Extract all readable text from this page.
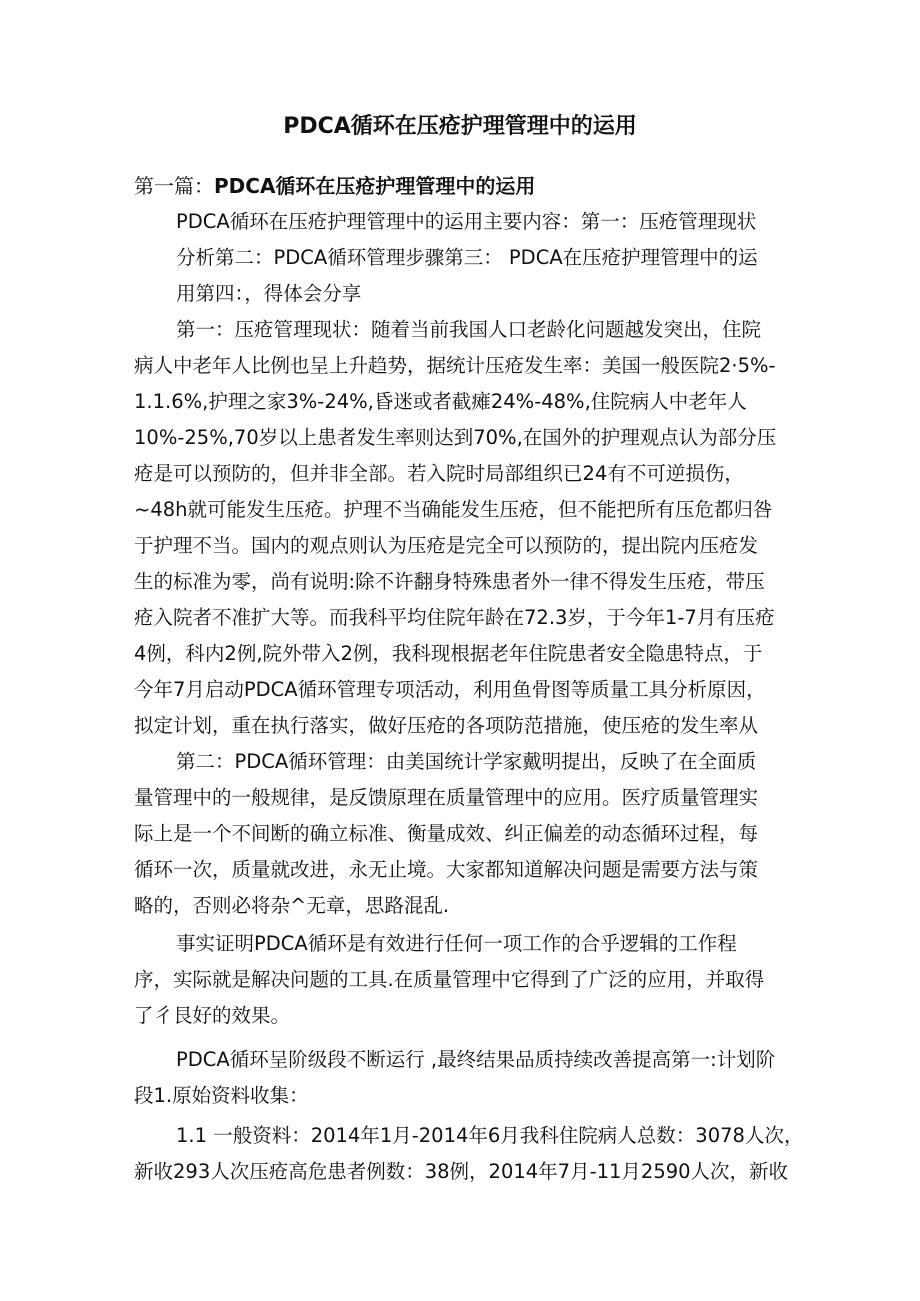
PDCA循环在压疮护理管理中的运用

第一篇：PDCA循环在压疮护理管理中的运用

PDCA循环在压疮护理管理中的运用主要内容：第一：压疮管理现状

分析第二：PDCA循环管理步骤第三： PDCA在压疮护理管理中的运

用第四：，得体会分享

第一：压疮管理现状：随着当前我国人口老龄化问题越发突出，住院

病人中老年人比例也呈上升趋势，据统计压疮发生率：美国一般医院2·5%-

1.1.6%,护理之家3%-24%,昏迷或者截瘫24%-48%,住院病人中老年人

10%-25%,70岁以上患者发生率则达到70%,在国外的护理观点认为部分压

疮是可以预防的，但并非全部。若入院时局部组织已24有不可逆损伤，

~48h就可能发生压疮。护理不当确能发生压疮，但不能把所有压危都归咎

于护理不当。国内的观点则认为压疮是完全可以预防的，提出院内压疮发

生的标准为零，尚有说明:除不许翻身特殊患者外一律不得发生压疮，带压

疮入院者不准扩大等。而我科平均住院年龄在72.3岁，于今年1-7月有压疮

4例，科内2例,院外带入2例，我科现根据老年住院患者安全隐患特点，于

今年7月启动PDCA循环管理专项活动，利用鱼骨图等质量工具分析原因，

拟定计划，重在执行落实，做好压疮的各项防范措施，使压疮的发生率从

第二：PDCA循环管理：由美国统计学家戴明提出，反映了在全面质

量管理中的一般规律，是反馈原理在质量管理中的应用。医疗质量管理实

际上是一个不间断的确立标准、衡量成效、纠正偏差的动态循环过程，每

循环一次，质量就改进，永无止境。大家都知道解决问题是需要方法与策

略的，否则必将杂^无章，思路混乱.

事实证明PDCA循环是有效进行任何一项工作的合乎逻辑的工作程

序，实际就是解决问题的工具.在质量管理中它得到了广泛的应用，并取得

了彳艮好的效果。

PDCA循环呈阶级段不断运行 ,最终结果品质持续改善提高第一:计划阶

段1.原始资料收集：

1.1 一般资料：2014年1月-2014年6月我科住院病人总数：3078人次，

新收293人次压疮高危患者例数：38例，2014年7月-11月2590人次，新收
